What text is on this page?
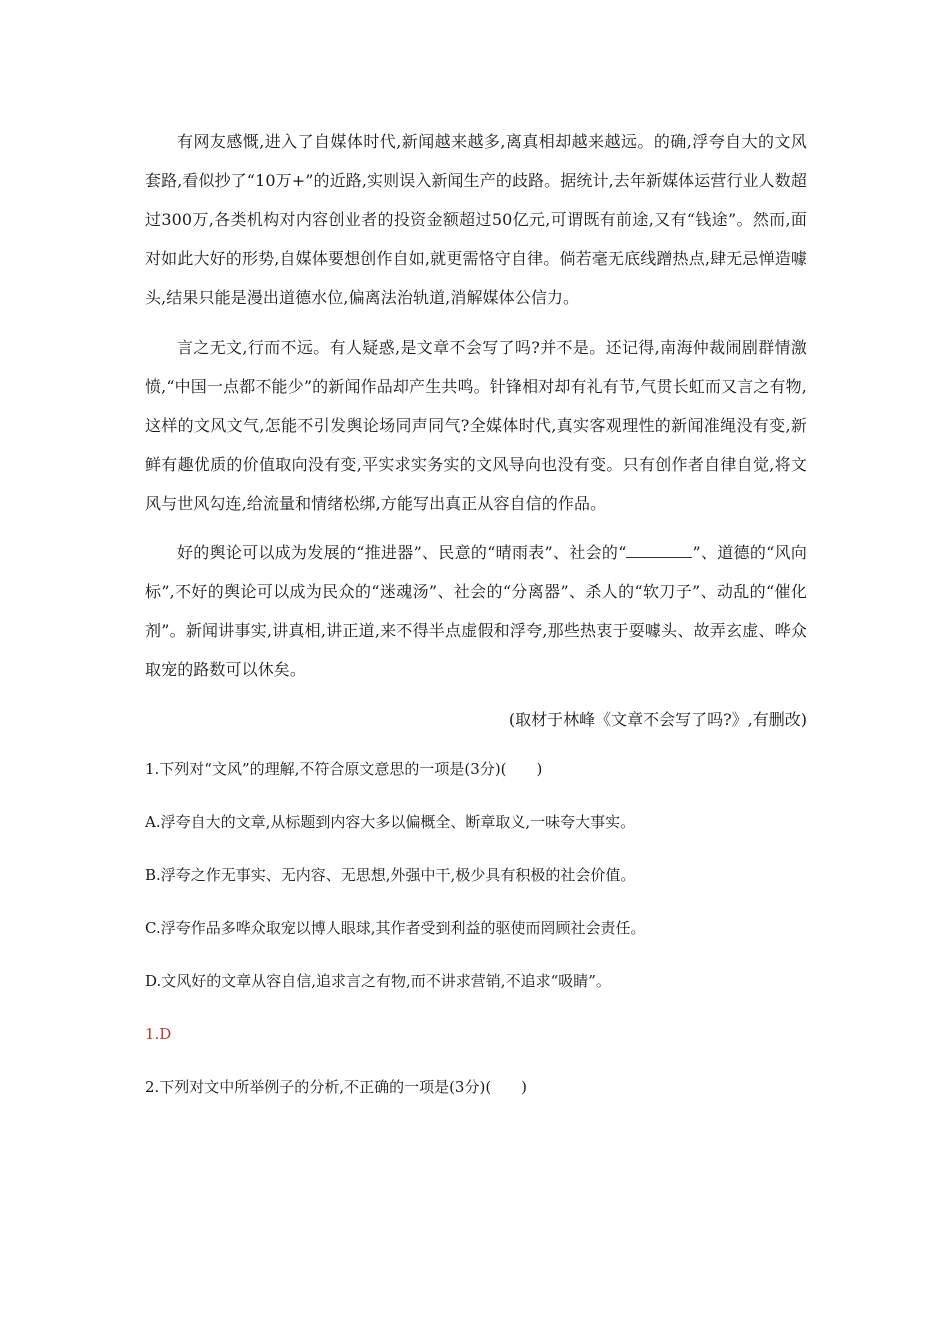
有网友感慨,进入了自媒体时代,新闻越来越多,离真相却越来越远。的确,浮夸自大的文风套路,看似抄了“10万+”的近路,实则误入新闻生产的歧路。据统计,去年新媒体运营行业人数超过300万,各类机构对内容创业者的投资金额超过50亿元,可谓既有前途,又有“钱途”。然而,面对如此大好的形势,自媒体要想创作自如,就更需恪守自律。倘若毫无底线蹭热点,肆无忌惮造噱头,结果只能是漫出道德水位,偏离法治轨道,消解媒体公信力。

言之无文,行而不远。有人疑惑,是文章不会写了吗?并不是。还记得,南海仲裁闹剧群情激愤,“中国一点都不能少”的新闻作品却产生共鸣。针锋相对却有礼有节,气贯长虹而又言之有物,这样的文风文气,怎能不引发舆论场同声同气?全媒体时代,真实客观理性的新闻准绳没有变,新鲜有趣优质的价值取向没有变,平实求实务实的文风导向也没有变。只有创作者自律自觉,将文风与世风勾连,给流量和情绪松绑,方能写出真正从容自信的作品。

好的舆论可以成为发展的“推进器”、民意的“晴雨表”、社会的“	”、道德的“风向标”,不好的舆论可以成为民众的“迷魂汤”、社会的“分离器”、杀人的“软刀子”、动乱的“催化剂”。新闻讲事实,讲真相,讲正道,来不得半点虚假和浮夸,那些热衷于耍噱头、故弄玄虚、哗众取宠的路数可以休矣。

(取材于林峰《文章不会写了吗?》,有删改)

1.下列对“文风”的理解,不符合原文意思的一项是(3分)(　　)

A.浮夸自大的文章,从标题到内容大多以偏概全、断章取义,一味夸大事实。

B.浮夸之作无事实、无内容、无思想,外强中干,极少具有积极的社会价值。

C.浮夸作品多哗众取宠以博人眼球,其作者受到利益的驱使而罔顾社会责任。

D.文风好的文章从容自信,追求言之有物,而不讲求营销,不追求“吸睛”。

1.D

2.下列对文中所举例子的分析,不正确的一项是(3分)(　　)
